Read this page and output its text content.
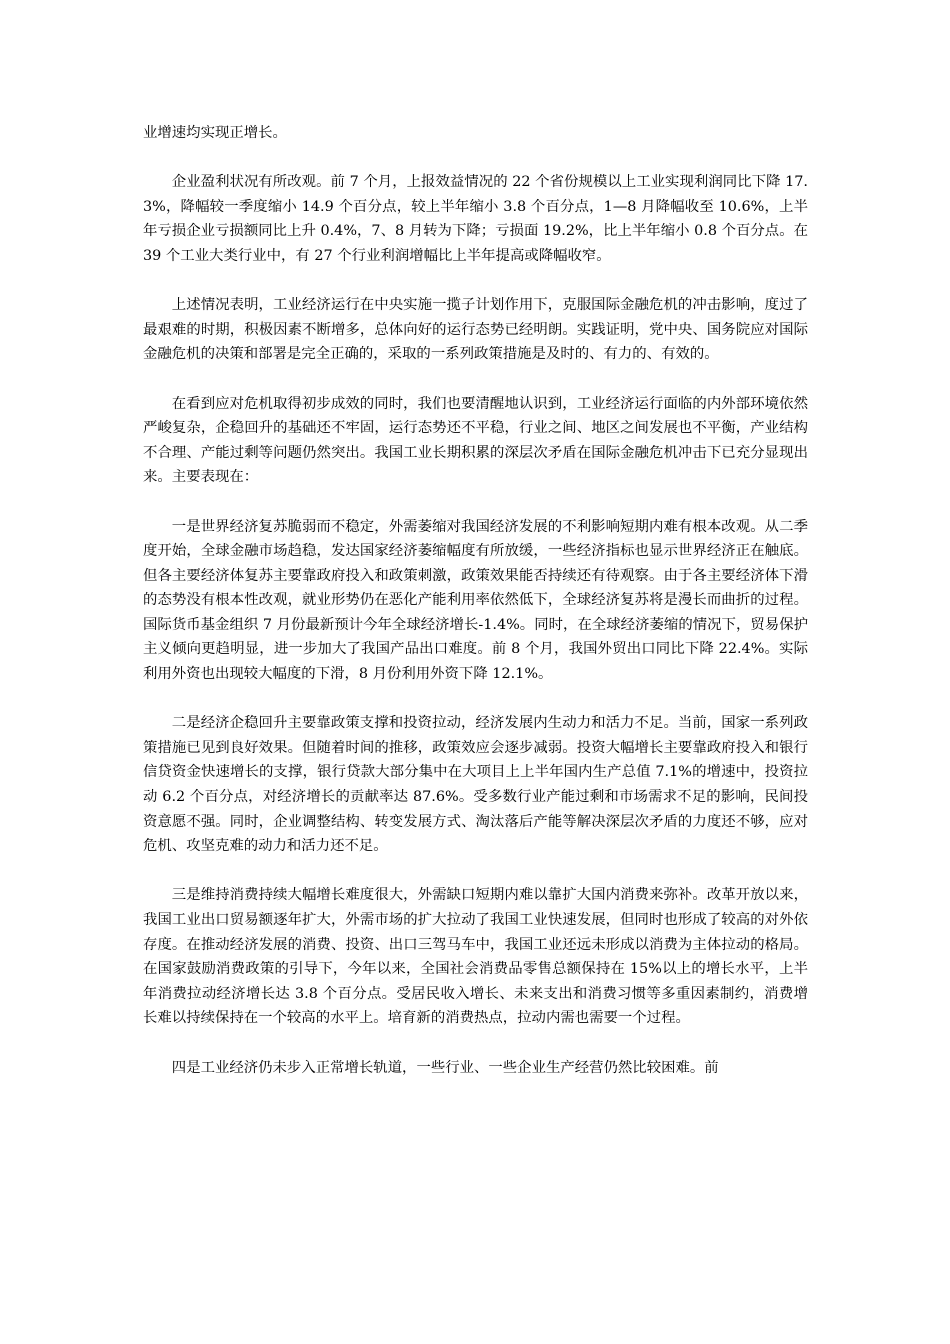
业增速均实现正增长。

企业盈利状况有所改观。前 7 个月，上报效益情况的 22 个省份规模以上工业实现利润同比下降 17.3%，降幅较一季度缩小 14.9 个百分点，较上半年缩小 3.8 个百分点，1—8 月降幅收至 10.6%，上半年亏损企业亏损额同比上升 0.4%，7、8 月转为下降；亏损面 19.2%，比上半年缩小 0.8 个百分点。在 39 个工业大类行业中，有 27 个行业利润增幅比上半年提高或降幅收窄。

上述情况表明，工业经济运行在中央实施一揽子计划作用下，克服国际金融危机的冲击影响，度过了最艰难的时期，积极因素不断增多，总体向好的运行态势已经明朗。实践证明，党中央、国务院应对国际金融危机的决策和部署是完全正确的，采取的一系列政策措施是及时的、有力的、有效的。

在看到应对危机取得初步成效的同时，我们也要清醒地认识到，工业经济运行面临的内外部环境依然严峻复杂，企稳回升的基础还不牢固，运行态势还不平稳，行业之间、地区之间发展也不平衡，产业结构不合理、产能过剩等问题仍然突出。我国工业长期积累的深层次矛盾在国际金融危机冲击下已充分显现出来。主要表现在：

一是世界经济复苏脆弱而不稳定，外需萎缩对我国经济发展的不利影响短期内难有根本改观。从二季度开始，全球金融市场趋稳，发达国家经济萎缩幅度有所放缓，一些经济指标也显示世界经济正在触底。但各主要经济体复苏主要靠政府投入和政策刺激，政策效果能否持续还有待观察。由于各主要经济体下滑的态势没有根本性改观，就业形势仍在恶化产能利用率依然低下，全球经济复苏将是漫长而曲折的过程。国际货币基金组织 7 月份最新预计今年全球经济增长-1.4%。同时，在全球经济萎缩的情况下，贸易保护主义倾向更趋明显，进一步加大了我国产品出口难度。前 8 个月，我国外贸出口同比下降 22.4%。实际利用外资也出现较大幅度的下滑，8 月份利用外资下降 12.1%。

二是经济企稳回升主要靠政策支撑和投资拉动，经济发展内生动力和活力不足。当前，国家一系列政策措施已见到良好效果。但随着时间的推移，政策效应会逐步减弱。投资大幅增长主要靠政府投入和银行信贷资金快速增长的支撑，银行贷款大部分集中在大项目上上半年国内生产总值 7.1%的增速中，投资拉动 6.2 个百分点，对经济增长的贡献率达 87.6%。受多数行业产能过剩和市场需求不足的影响，民间投资意愿不强。同时，企业调整结构、转变发展方式、淘汰落后产能等解决深层次矛盾的力度还不够，应对危机、攻坚克难的动力和活力还不足。

三是维持消费持续大幅增长难度很大，外需缺口短期内难以靠扩大国内消费来弥补。改革开放以来，我国工业出口贸易额逐年扩大，外需市场的扩大拉动了我国工业快速发展，但同时也形成了较高的对外依存度。在推动经济发展的消费、投资、出口三驾马车中，我国工业还远未形成以消费为主体拉动的格局。在国家鼓励消费政策的引导下，今年以来，全国社会消费品零售总额保持在 15%以上的增长水平，上半年消费拉动经济增长达 3.8 个百分点。受居民收入增长、未来支出和消费习惯等多重因素制约，消费增长难以持续保持在一个较高的水平上。培育新的消费热点，拉动内需也需要一个过程。

四是工业经济仍未步入正常增长轨道，一些行业、一些企业生产经营仍然比较困难。前
